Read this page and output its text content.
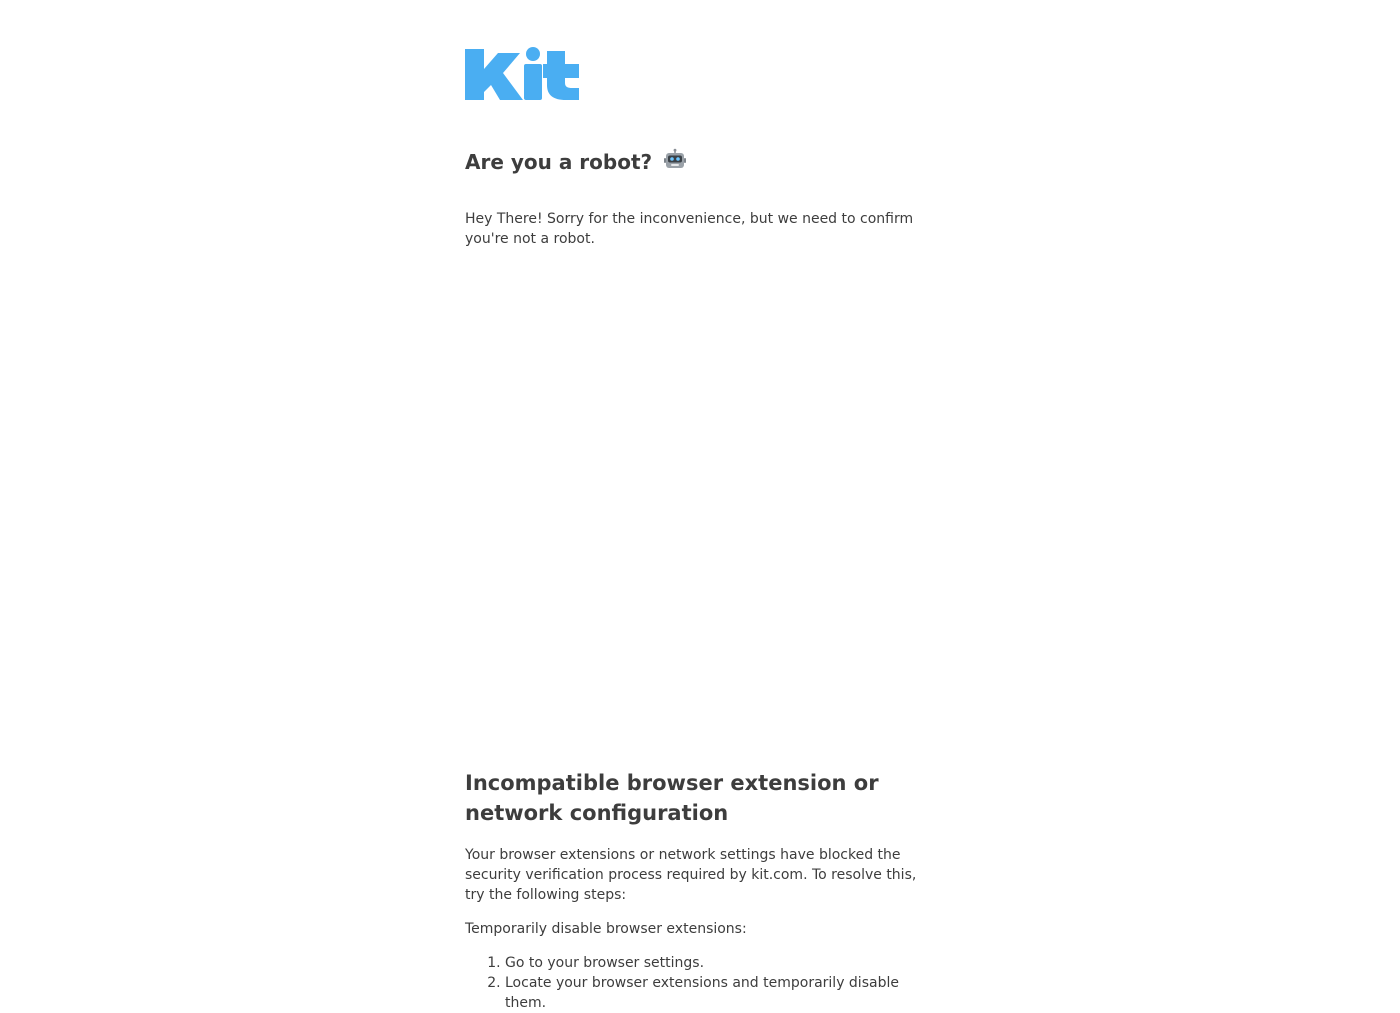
Are you a robot?

Hey There! Sorry for the inconvenience, but we need to confirm you're not a robot.

Incompatible browser extension or network configuration

Your browser extensions or network settings have blocked the security verification process required by kit.com. To resolve this, try the following steps:

Temporarily disable browser extensions:

1. Go to your browser settings.
2. Locate your browser extensions and temporarily disable them.
